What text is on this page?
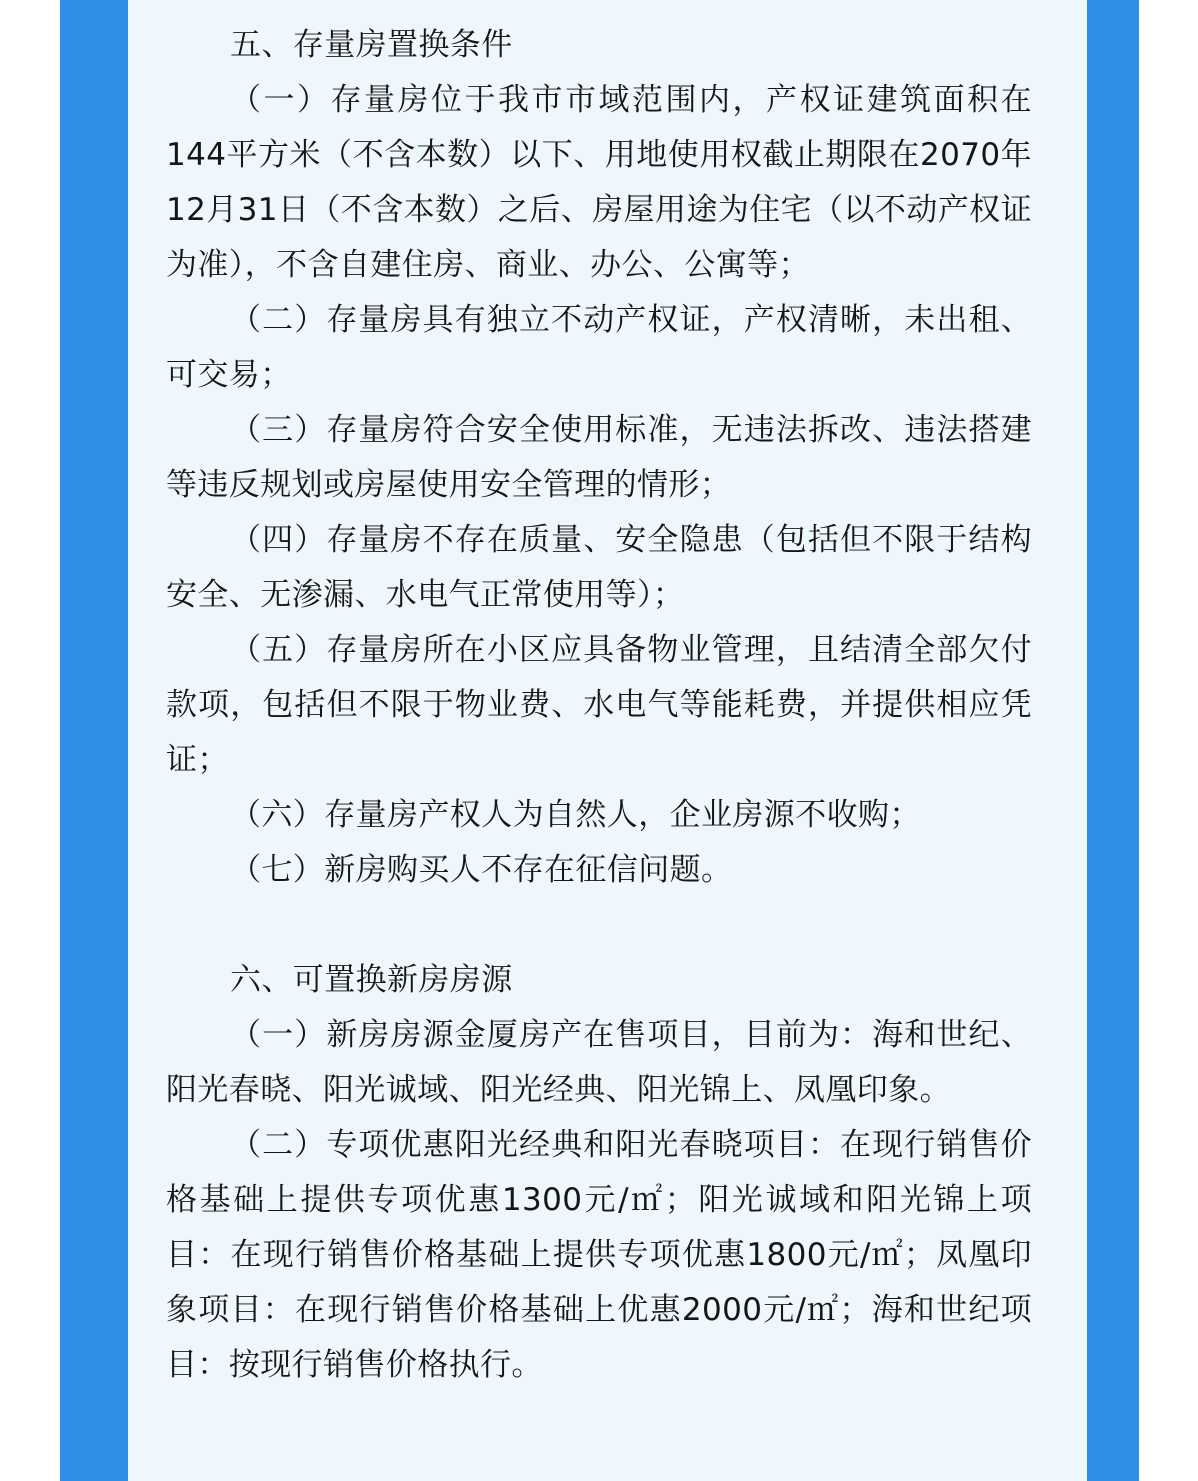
五、存量房置换条件

（一）存量房位于我市市域范围内，产权证建筑面积在144平方米（不含本数）以下、用地使用权截止期限在2070年12月31日（不含本数）之后、房屋用途为住宅（以不动产权证为准），不含自建住房、商业、办公、公寓等；

（二）存量房具有独立不动产权证，产权清晰，未出租、可交易；

（三）存量房符合安全使用标准，无违法拆改、违法搭建等违反规划或房屋使用安全管理的情形；

（四）存量房不存在质量、安全隐患（包括但不限于结构安全、无渗漏、水电气正常使用等）；

（五）存量房所在小区应具备物业管理，且结清全部欠付款项，包括但不限于物业费、水电气等能耗费，并提供相应凭证；

（六）存量房产权人为自然人，企业房源不收购；

（七）新房购买人不存在征信问题。

六、可置换新房房源

（一）新房房源金厦房产在售项目，目前为：海和世纪、阳光春晓、阳光诚域、阳光经典、阳光锦上、凤凰印象。

（二）专项优惠阳光经典和阳光春晓项目：在现行销售价格基础上提供专项优惠1300元/㎡；阳光诚域和阳光锦上项目：在现行销售价格基础上提供专项优惠1800元/㎡；凤凰印象项目：在现行销售价格基础上优惠2000元/㎡；海和世纪项目：按现行销售价格执行。
